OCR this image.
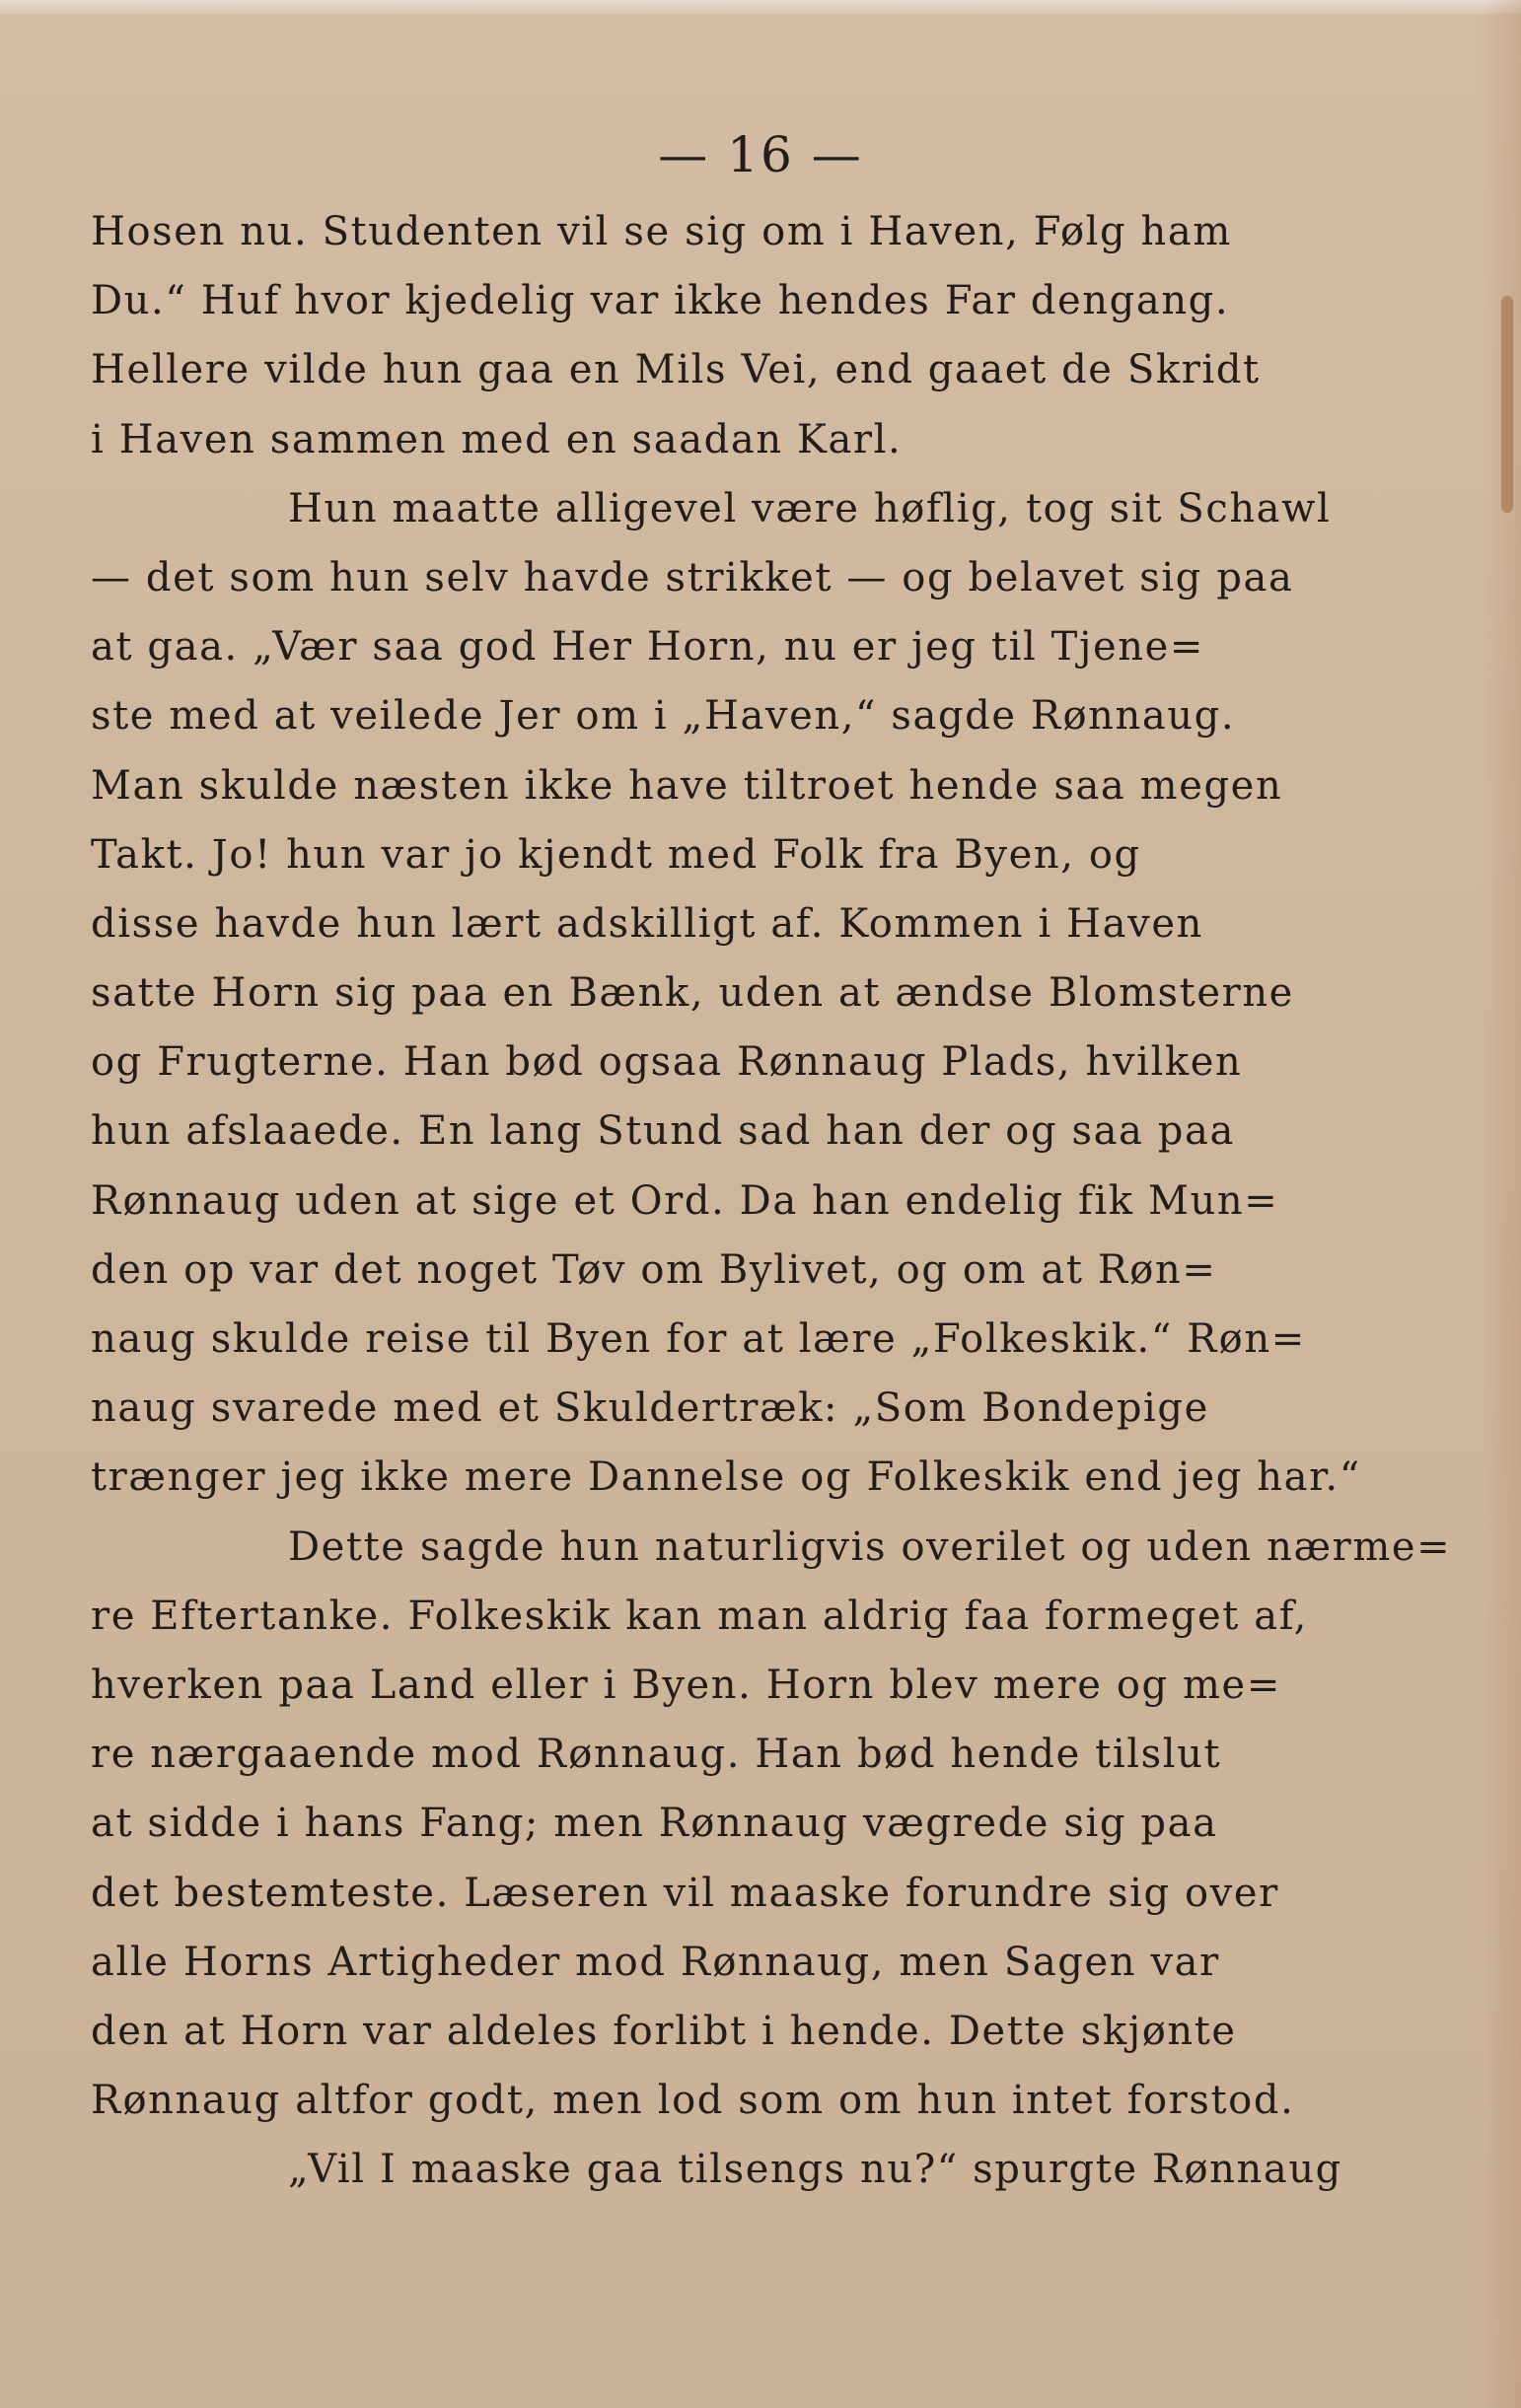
— 16 —
Hosen nu. Studenten vil se sig om i Haven, Følg ham
Du.“ Huf hvor kjedelig var ikke hendes Far dengang.
Hellere vilde hun gaa en Mils Vei, end gaaet de Skridt
i Haven sammen med en saadan Karl.
Hun maatte alligevel være høflig, tog sit Schawl
— det som hun selv havde strikket — og belavet sig paa
at gaa. „Vær saa god Her Horn, nu er jeg til Tjene=
ste med at veilede Jer om i „Haven,“ sagde Rønnaug.
Man skulde næsten ikke have tiltroet hende saa megen
Takt. Jo! hun var jo kjendt med Folk fra Byen, og
disse havde hun lært adskilligt af. Kommen i Haven
satte Horn sig paa en Bænk, uden at ændse Blomsterne
og Frugterne. Han bød ogsaa Rønnaug Plads, hvilken
hun afslaaede. En lang Stund sad han der og saa paa
Rønnaug uden at sige et Ord. Da han endelig fik Mun=
den op var det noget Tøv om Bylivet, og om at Røn=
naug skulde reise til Byen for at lære „Folkeskik.“ Røn=
naug svarede med et Skuldertræk: „Som Bondepige
trænger jeg ikke mere Dannelse og Folkeskik end jeg har.“
Dette sagde hun naturligvis overilet og uden nærme=
re Eftertanke. Folkeskik kan man aldrig faa formeget af,
hverken paa Land eller i Byen. Horn blev mere og me=
re nærgaaende mod Rønnaug. Han bød hende tilslut
at sidde i hans Fang; men Rønnaug vægrede sig paa
det bestemteste. Læseren vil maaske forundre sig over
alle Horns Artigheder mod Rønnaug, men Sagen var
den at Horn var aldeles forlibt i hende. Dette skjønte
Rønnaug altfor godt, men lod som om hun intet forstod.
„Vil I maaske gaa tilsengs nu?“ spurgte Rønnaug
